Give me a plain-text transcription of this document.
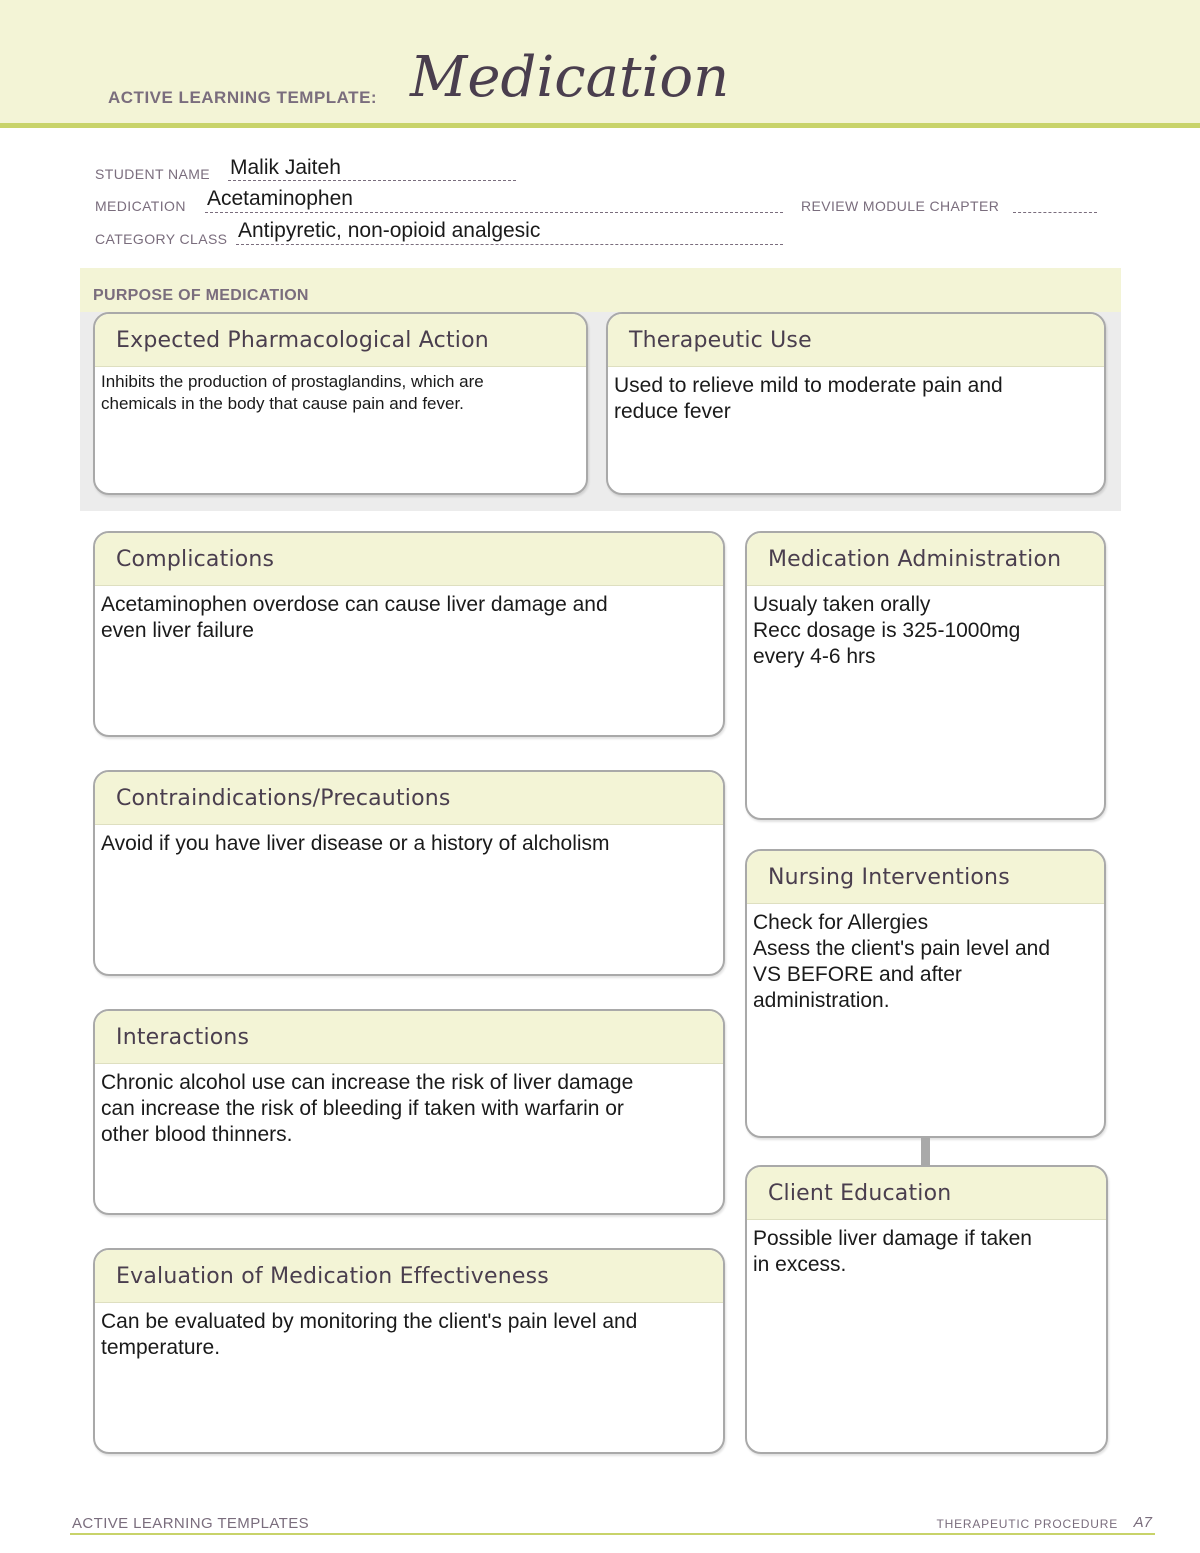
ACTIVE LEARNING TEMPLATE: Medication
STUDENT NAME Malik Jaiteh
MEDICATION Acetaminophen	REVIEW MODULE CHAPTER
CATEGORY CLASS Antipyretic, non-opioid analgesic
PURPOSE OF MEDICATION
Expected Pharmacological Action
Inhibits the production of prostaglandins, which are
chemicals in the body that cause pain and fever.
Therapeutic Use
Used to relieve mild to moderate pain and
reduce fever
Complications
Acetaminophen overdose can cause liver damage and
even liver failure
Contraindications/Precautions
Avoid if you have liver disease or a history of alcholism
Interactions
Chronic alcohol use can increase the risk of liver damage
can increase the risk of bleeding if taken with warfarin or
other blood thinners.
Evaluation of Medication Effectiveness
Can be evaluated by monitoring the client's pain level and
temperature.
Medication Administration
Usualy taken orally
Recc dosage is 325-1000mg
every 4-6 hrs
Nursing Interventions
Check for Allergies
Asess the client's pain level and
VS BEFORE and after
administration.
Client Education
Possible liver damage if taken
in excess.
ACTIVE LEARNING TEMPLATES	THERAPEUTIC PROCEDURE A7
